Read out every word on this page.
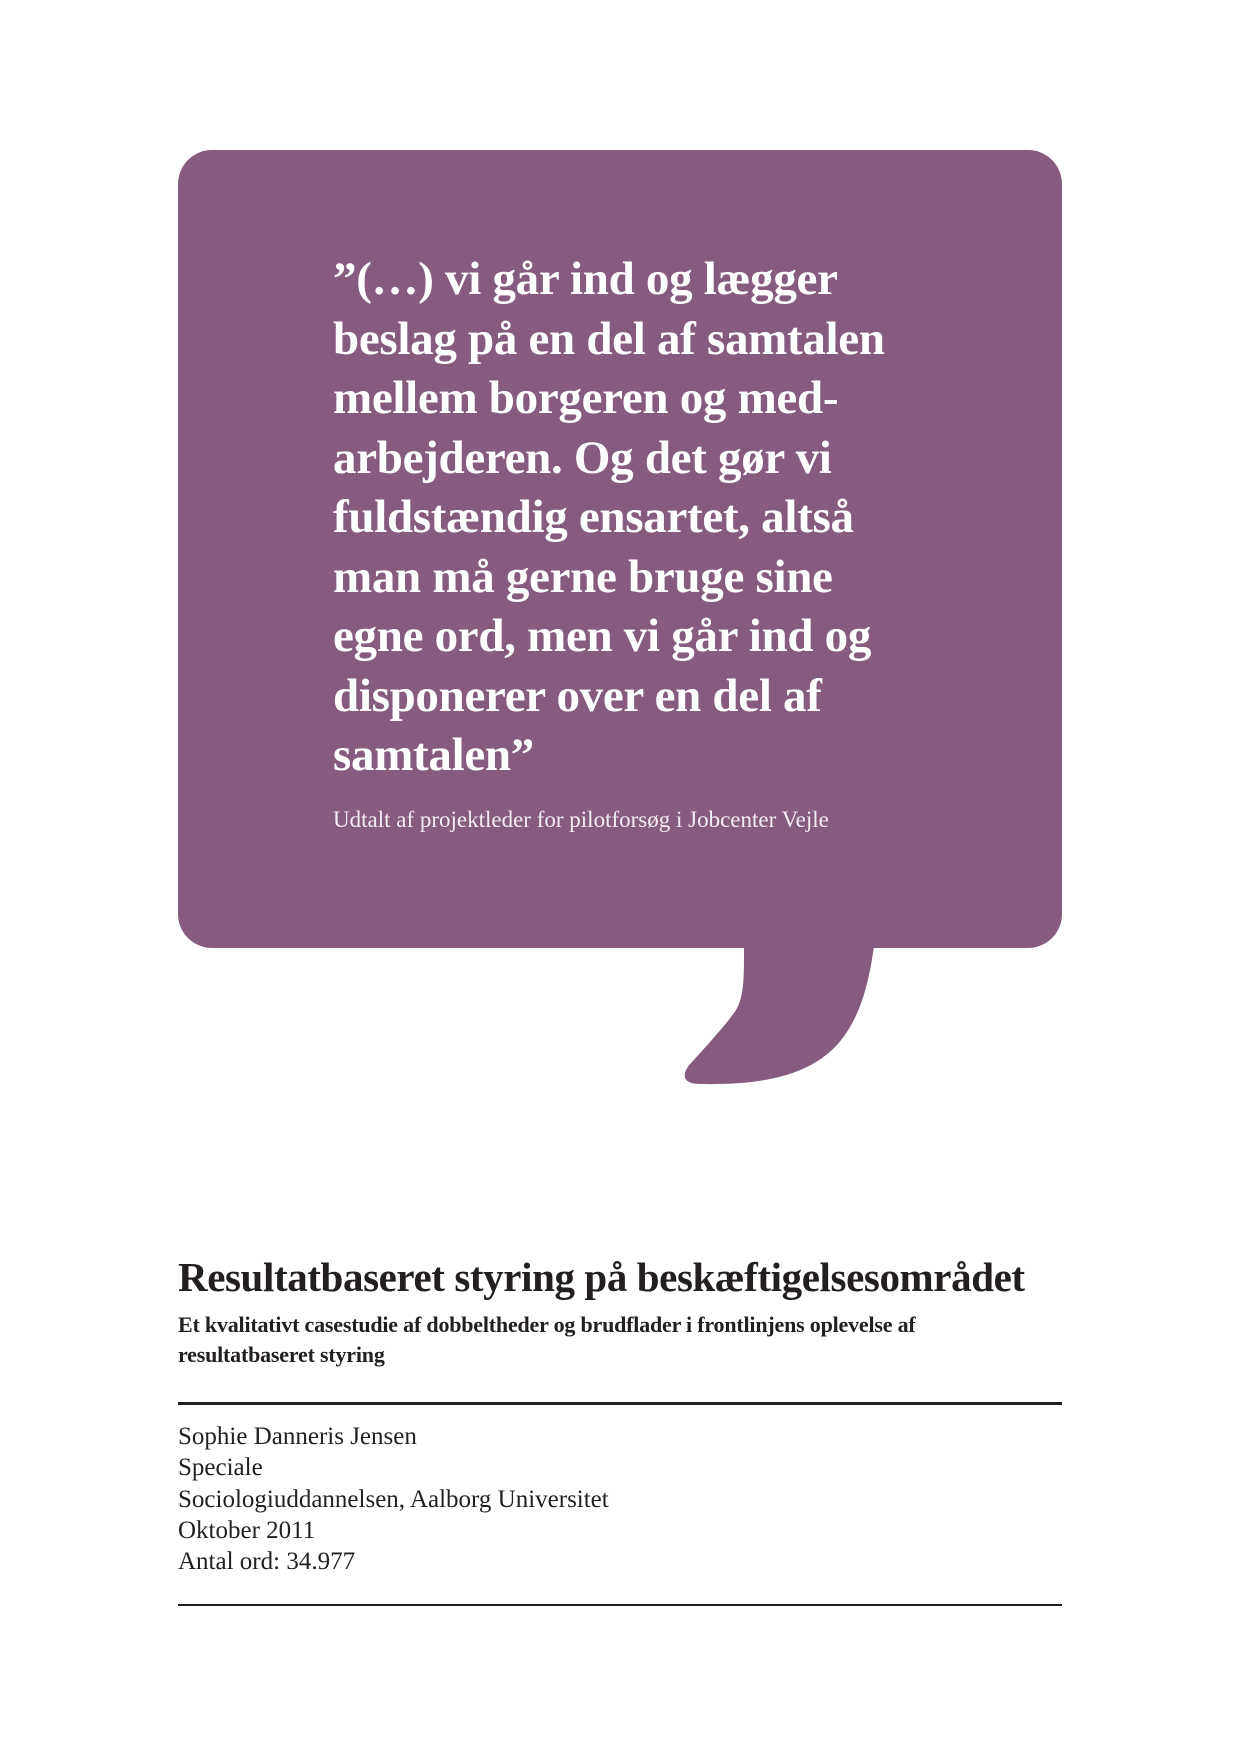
”(…) vi går ind og lægger
beslag på en del af samtalen
mellem borgeren og med-
arbejderen. Og det gør vi
fuldstændig ensartet, altså
man må gerne bruge sine
egne ord, men vi går ind og
disponerer over en del af
samtalen”

Udtalt af projektleder for pilotforsøg i Jobcenter Vejle

Resultatbaseret styring på beskæftigelsesområdet
Et kvalitativt casestudie af dobbeltheder og brudflader i frontlinjens oplevelse af
resultatbaseret styring
Sophie Danneris Jensen
Speciale
Sociologiuddannelsen, Aalborg Universitet
Oktober 2011
Antal ord: 34.977
